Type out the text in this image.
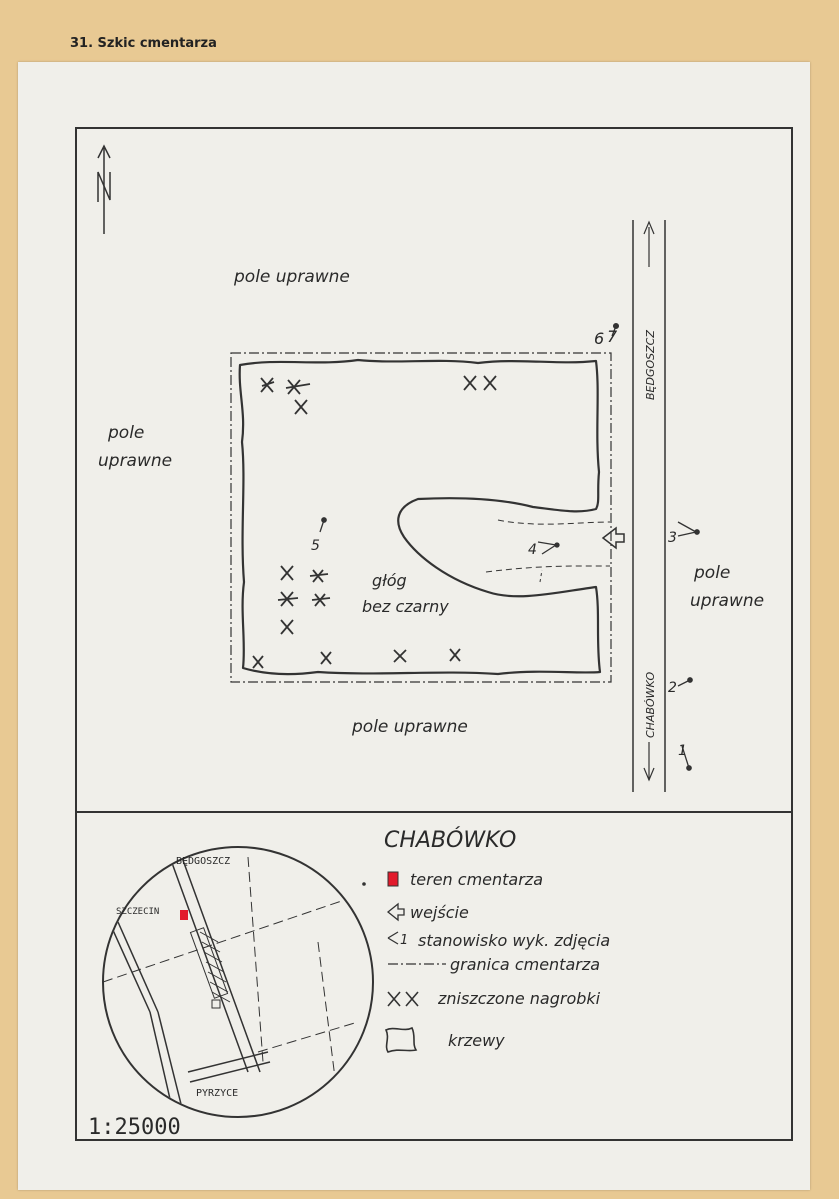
31. Szkic cmentarza
BĘDGOSZCZ
CHABÓWKO
1
2
3
4
5
6 7
pole uprawne
pole
uprawne
pole
uprawne
pole uprawne
głóg
bez czarny
BĘDGOSZCZ
SZCZECIN
PYRZYCE
1:25000
CHABÓWKO
teren cmentarza
wejście
1 stanowisko wyk. zdjęcia
granica cmentarza
zniszczone nagrobki
krzewy
